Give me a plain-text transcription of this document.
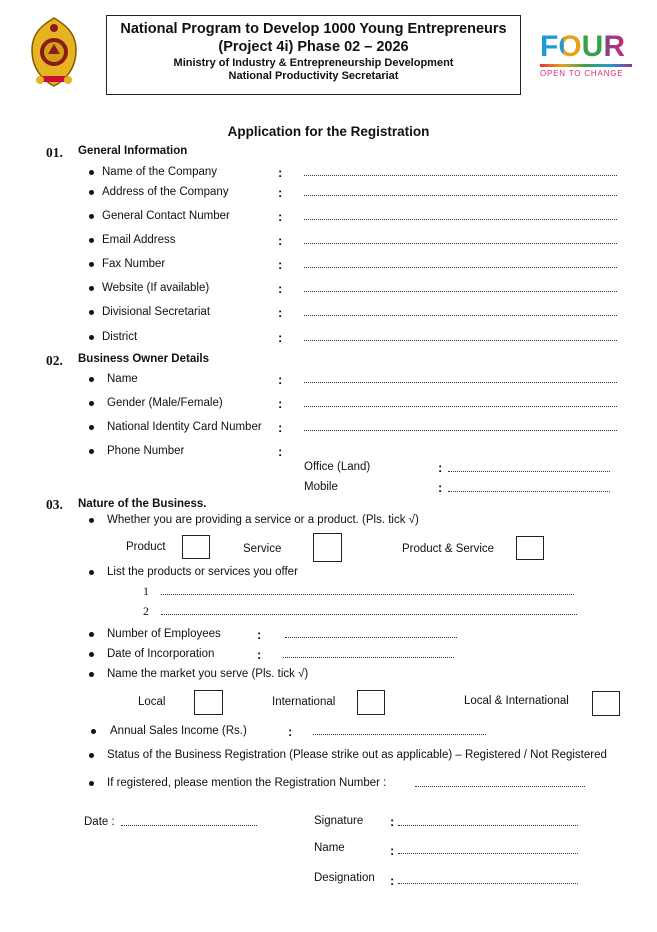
National Program to Develop 1000 Young Entrepreneurs
(Project 4i) Phase 02 – 2026
Ministry of Industry & Entrepreneurship Development
National Productivity Secretariat
FOUR
OPEN TO CHANGE
Application for the Registration
01. General Information
Name of the Company	:
Address of the Company	:
General Contact Number	:
Email Address	:
Fax Number	:
Website (If available)	:
Divisional Secretariat	:
District	:
02. Business Owner Details
Name	:
Gender (Male/Female)	:
National Identity Card Number :
Phone Number	:
Office (Land)	:
Mobile	:
03. Nature of the Business.
Whether you are providing a service or a product. (Pls. tick √)
Product	Service	Product & Service
List the products or services you offer
1
2
Number of Employees	:
Date of Incorporation	:
Name the market you serve (Pls. tick √)
Local	International	Local & International
Annual Sales Income (Rs.)	:
Status of the Business Registration (Please strike out as applicable) – Registered / Not Registered
If registered, please mention the Registration Number :
Date :	Signature :
Name	:
Designation :
